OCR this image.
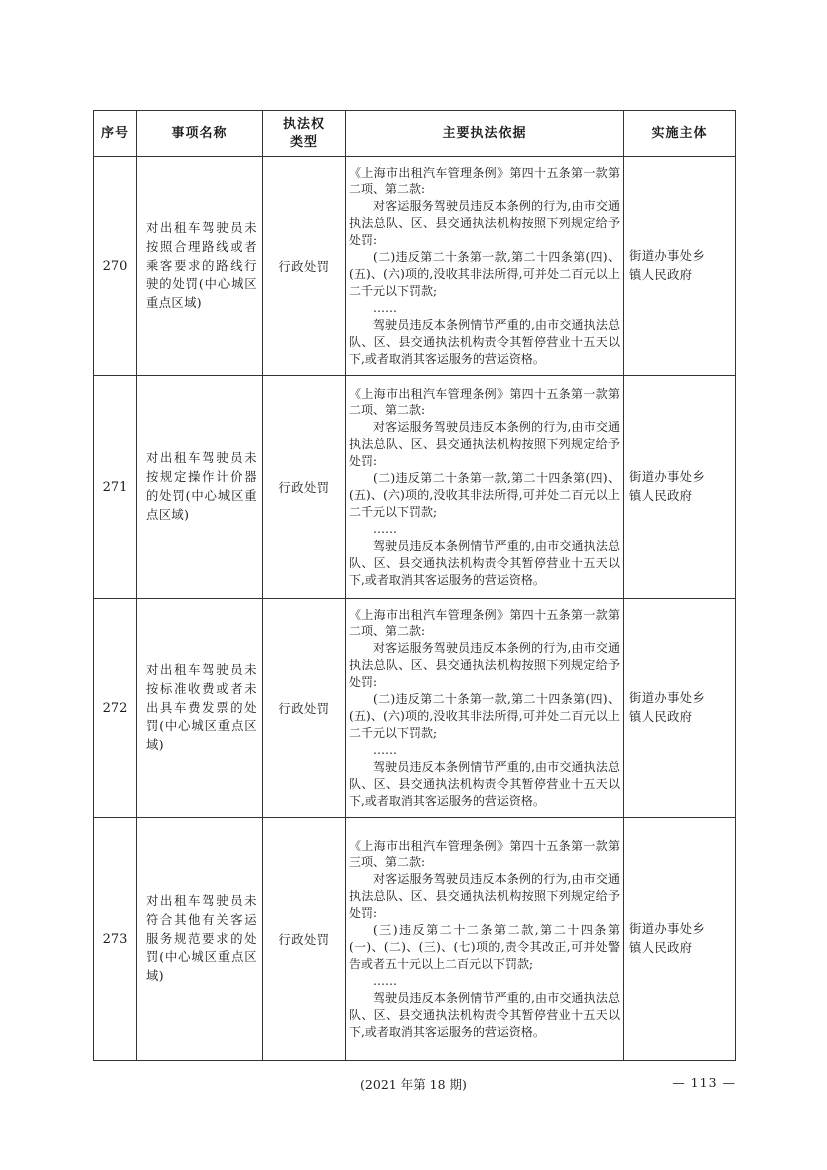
序号	事项名称	执法权类型	主要执法依据	实施主体
270	对出租车驾驶员未按照合理路线或者乘客要求的路线行驶的处罚(中心城区重点区域)	行政处罚	《上海市出租汽车管理条例》第四十五条第一款第二项、第二款:

对客运服务驾驶员违反本条例的行为,由市交通执法总队、区、县交通执法机构按照下列规定给予处罚:

(二)违反第二十条第一款,第二十四条第(四)、(五)、(六)项的,没收其非法所得,可并处二百元以上二千元以下罚款;

……

驾驶员违反本条例情节严重的,由市交通执法总队、区、县交通执法机构责令其暂停营业十五天以下,或者取消其客运服务的营运资格。	街道办事处乡镇人民政府

271	对出租车驾驶员未按规定操作计价器的处罚(中心城区重点区域)	行政处罚	《上海市出租汽车管理条例》第四十五条第一款第二项、第二款:

对客运服务驾驶员违反本条例的行为,由市交通执法总队、区、县交通执法机构按照下列规定给予处罚:

(二)违反第二十条第一款,第二十四条第(四)、(五)、(六)项的,没收其非法所得,可并处二百元以上二千元以下罚款;

……

驾驶员违反本条例情节严重的,由市交通执法总队、区、县交通执法机构责令其暂停营业十五天以下,或者取消其客运服务的营运资格。	街道办事处乡镇人民政府

272	对出租车驾驶员未按标准收费或者未出具车费发票的处罚(中心城区重点区域)	行政处罚	《上海市出租汽车管理条例》第四十五条第一款第二项、第二款:

对客运服务驾驶员违反本条例的行为,由市交通执法总队、区、县交通执法机构按照下列规定给予处罚:

(二)违反第二十条第一款,第二十四条第(四)、(五)、(六)项的,没收其非法所得,可并处二百元以上二千元以下罚款;

……

驾驶员违反本条例情节严重的,由市交通执法总队、区、县交通执法机构责令其暂停营业十五天以下,或者取消其客运服务的营运资格。	街道办事处乡镇人民政府

273	对出租车驾驶员未符合其他有关客运服务规范要求的处罚(中心城区重点区域)	行政处罚	《上海市出租汽车管理条例》第四十五条第一款第三项、第二款:

对客运服务驾驶员违反本条例的行为,由市交通执法总队、区、县交通执法机构按照下列规定给予处罚:

(三)违反第二十二条第二款,第二十四条第(一)、(二)、(三)、(七)项的,责令其改正,可并处警告或者五十元以上二百元以下罚款;

……

驾驶员违反本条例情节严重的,由市交通执法总队、区、县交通执法机构责令其暂停营业十五天以下,或者取消其客运服务的营运资格。	街道办事处乡镇人民政府
(2021 年第 18 期)	— 113 —
